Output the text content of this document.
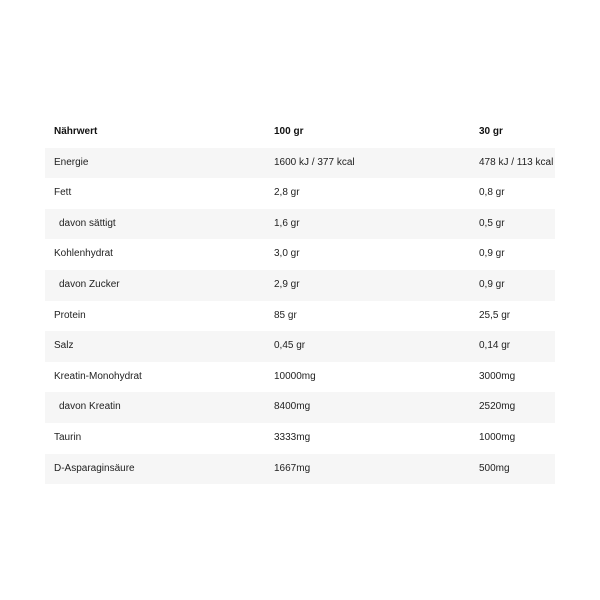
Nährwert	100 gr	30 gr
Energie	1600 kJ / 377 kcal	478 kJ / 113 kcal
Fett	2,8 gr	0,8 gr
davon sättigt	1,6 gr	0,5 gr
Kohlenhydrat	3,0 gr	0,9 gr
davon Zucker	2,9 gr	0,9 gr
Protein	85 gr	25,5 gr
Salz	0,45 gr	0,14 gr
Kreatin-Monohydrat	10000mg	3000mg
davon Kreatin	8400mg	2520mg
Taurin	3333mg	1000mg
D-Asparaginsäure	1667mg	500mg
